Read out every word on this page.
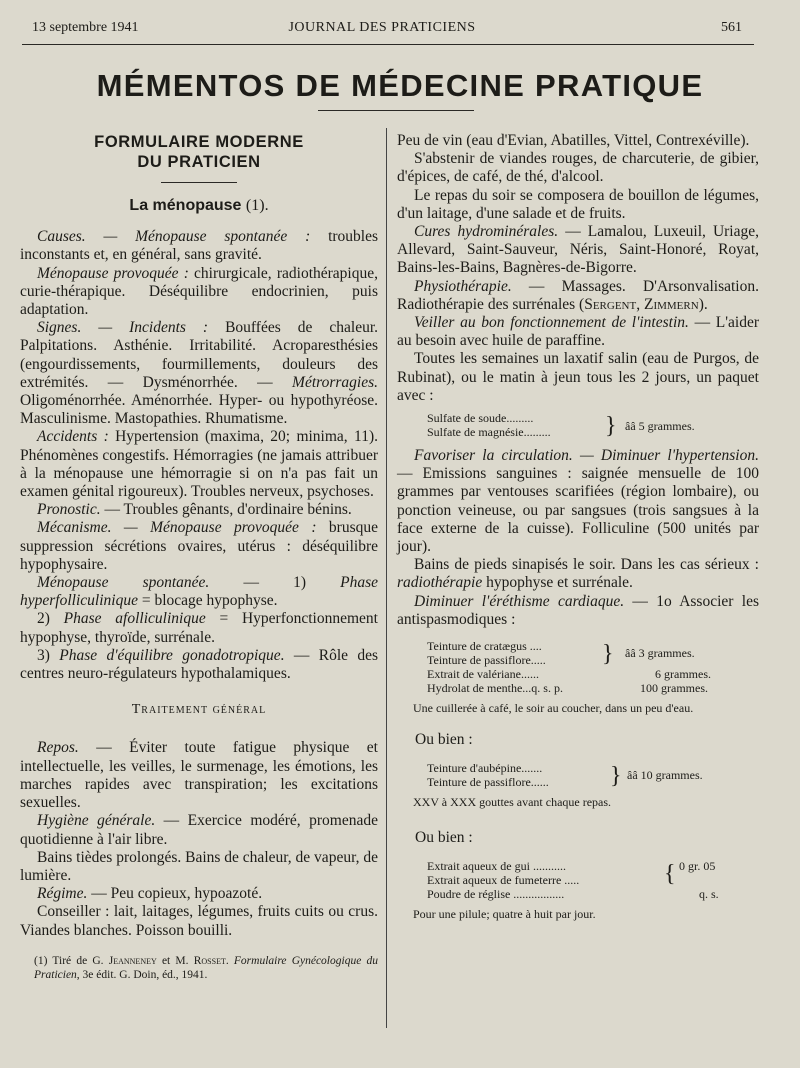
13 septembre 1941	JOURNAL DES PRATICIENS	561
MÉMENTOS DE MÉDECINE PRATIQUE
FORMULAIRE MODERNE
DU PRATICIEN
La ménopause (1).

Causes. — Ménopause spontanée : troubles inconstants et, en général, sans gravité.

Ménopause provoquée : chirurgicale, radiothérapique, curie-thérapique. Déséquilibre endocrinien, puis adaptation.

Signes. — Incidents : Bouffées de chaleur. Palpitations. Asthénie. Irritabilité. Acroparesthésies (engourdissements, fourmillements, douleurs des extrémités. — Dysménorrhée. — Métrorragies. Oligoménorrhée. Aménorrhée. Hyper- ou hypothyréose. Masculinisme. Mastopathies. Rhumatisme.

Accidents : Hypertension (maxima, 20; minima, 11). Phénomènes congestifs. Hémorragies (ne jamais attribuer à la ménopause une hémorragie si on n'a pas fait un examen génital rigoureux). Troubles nerveux, psychoses.

Pronostic. — Troubles gênants, d'ordinaire bénins.

Mécanisme. — Ménopause provoquée : brusque suppression sécrétions ovaires, utérus : déséquilibre hypophysaire.

Ménopause spontanée. — 1) Phase hyperfolliculinique = blocage hypophyse.

2) Phase afolliculinique = Hyperfonctionnement hypophyse, thyroïde, surrénale.

3) Phase d'équilibre gonadotropique. — Rôle des centres neuro-régulateurs hypothalamiques.

Traitement général

Repos. — Éviter toute fatigue physique et intellectuelle, les veilles, le surmenage, les émotions, les marches rapides avec transpiration; les excitations sexuelles.

Hygiène générale. — Exercice modéré, promenade quotidienne à l'air libre.

Bains tièdes prolongés. Bains de chaleur, de vapeur, de lumière.

Régime. — Peu copieux, hypoazoté.

Conseiller : lait, laitages, légumes, fruits cuits ou crus. Viandes blanches. Poisson bouilli.

(1) Tiré de G. Jeanneney et M. Rosset. Formulaire Gynécologique du Praticien, 3e édit. G. Doin, éd., 1941.

Peu de vin (eau d'Evian, Abatilles, Vittel, Contrexéville).

S'abstenir de viandes rouges, de charcuterie, de gibier, d'épices, de café, de thé, d'alcool.

Le repas du soir se composera de bouillon de légumes, d'un laitage, d'une salade et de fruits.

Cures hydrominérales. — Lamalou, Luxeuil, Uriage, Allevard, Saint-Sauveur, Néris, Saint-Honoré, Royat, Bains-les-Bains, Bagnères-de-Bigorre.

Physiothérapie. — Massages. D'Arsonvalisation. Radiothérapie des surrénales (Sergent, Zimmern).

Veiller au bon fonctionnement de l'intestin. — L'aider au besoin avec huile de paraffine.

Toutes les semaines un laxatif salin (eau de Purgos, de Rubinat), ou le matin à jeun tous les 2 jours, un paquet avec :

Sulfate de soude.........
Sulfate de magnésie.........	} ââ 5 grammes.

Favoriser la circulation. — Diminuer l'hypertension. — Emissions sanguines : saignée mensuelle de 100 grammes par ventouses scarifiées (région lombaire), ou ponction veineuse, ou par sangsues (trois sangsues à la face externe de la cuisse). Folliculine (500 unités par jour).

Bains de pieds sinapisés le soir. Dans les cas sérieux : radiothérapie hypophyse et surrénale.

Diminuer l'éréthisme cardiaque. — 1o Associer les antispasmodiques :

Teinture de cratægus ....
Teinture de passiflore.....	} ââ 3 grammes.
Extrait de valériane......	6 grammes.
Hydrolat de menthe...q. s. p.	100 grammes.

Une cuillerée à café, le soir au coucher, dans un peu d'eau.

Ou bien :

Teinture d'aubépine.......
Teinture de passiflore......	} ââ 10 grammes.

XXV à XXX gouttes avant chaque repas.

Ou bien :

Extrait aqueux de gui ...........
Extrait aqueux de fumeterre .....	{ 0 gr. 05
Poudre de réglise .................	q. s.

Pour une pilule; quatre à huit par jour.
